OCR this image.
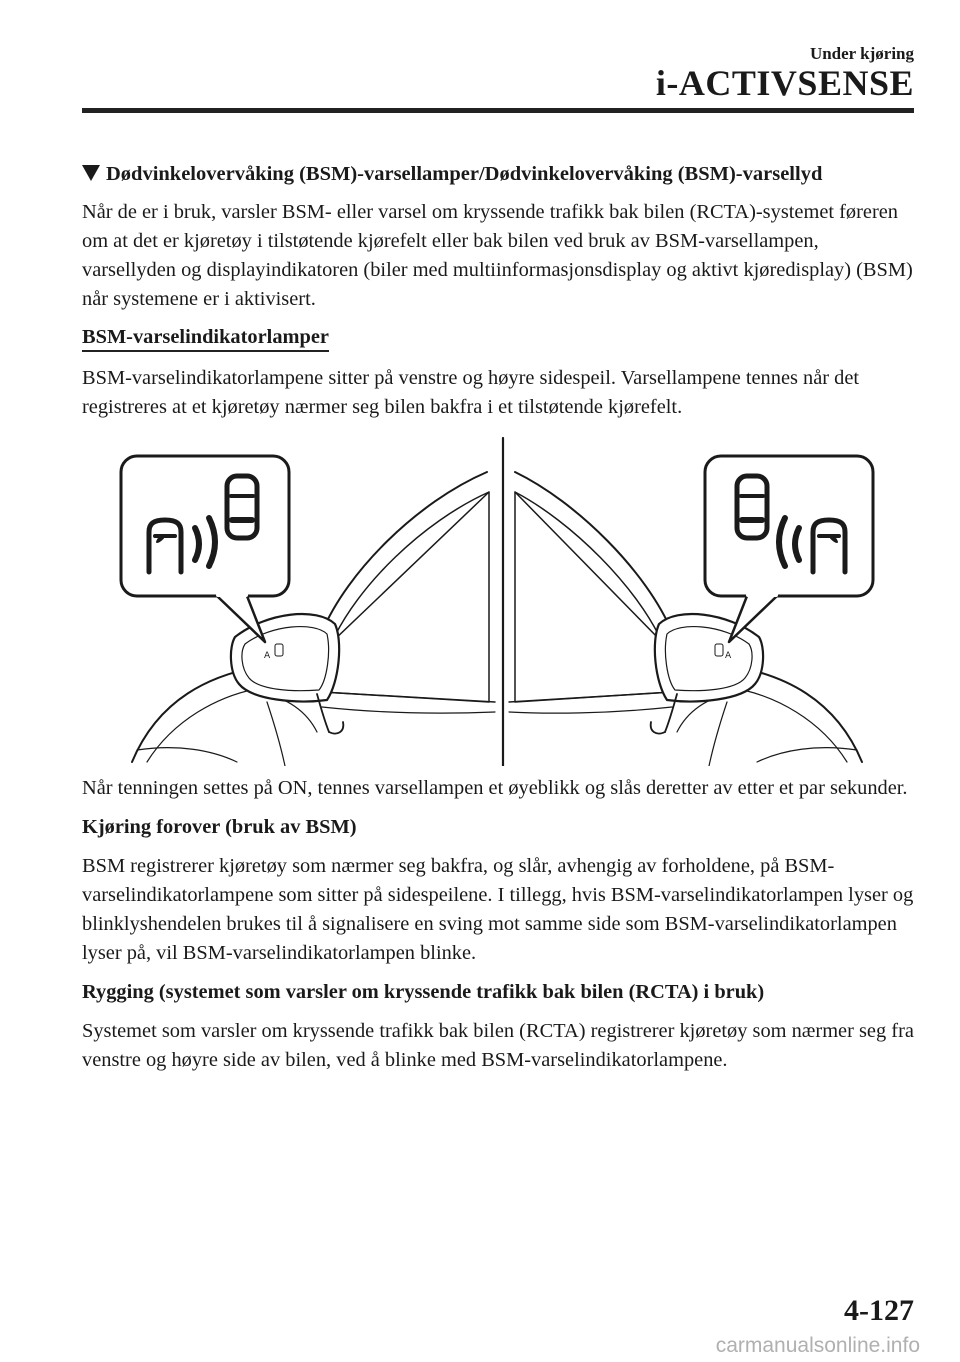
Under kjøring
i-ACTIVSENSE
Dødvinkelovervåking (BSM)-varsellamper/Dødvinkelovervåking (BSM)-varsellyd

Når de er i bruk, varsler BSM- eller varsel om kryssende trafikk bak bilen (RCTA)-systemet føreren om at det er kjøretøy i tilstøtende kjørefelt eller bak bilen ved bruk av BSM-varsellampen, varsellyden og displayindikatoren (biler med multiinformasjonsdisplay og aktivt kjøredisplay) (BSM) når systemene er i aktivisert.

BSM-varselindikatorlamper

BSM-varselindikatorlampene sitter på venstre og høyre sidespeil. Varsellampene tennes når det registreres at et kjøretøy nærmer seg bilen bakfra i et tilstøtende kjørefelt.

A	A

Når tenningen settes på ON, tennes varsellampen et øyeblikk og slås deretter av etter et par sekunder.

Kjøring forover (bruk av BSM)

BSM registrerer kjøretøy som nærmer seg bakfra, og slår, avhengig av forholdene, på BSM-varselindikatorlampene som sitter på sidespeilene. I tillegg, hvis BSM-varselindikatorlampen lyser og blinklyshendelen brukes til å signalisere en sving mot samme side som BSM-varselindikatorlampen lyser på, vil BSM-varselindikatorlampen blinke.

Rygging (systemet som varsler om kryssende trafikk bak bilen (RCTA) i bruk)

Systemet som varsler om kryssende trafikk bak bilen (RCTA) registrerer kjøretøy som nærmer seg fra venstre og høyre side av bilen, ved å blinke med BSM-varselindikatorlampene.

4-127
carmanualsonline.info
